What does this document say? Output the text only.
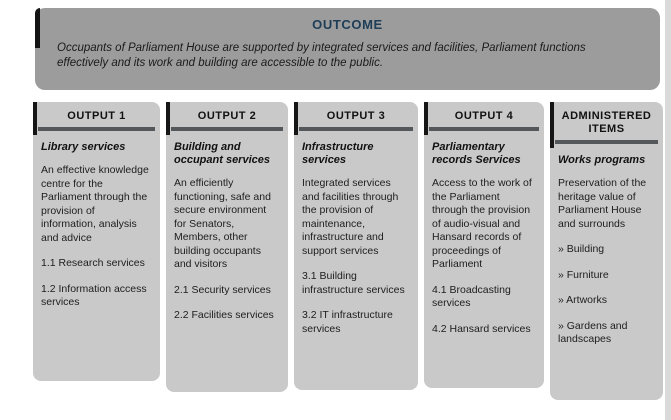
OUTCOME
Occupants of Parliament House are supported by integrated services and facilities, Parliament functions effectively and its work and building are accessible to the public.
OUTPUT 1
Library services
An effective knowledge centre for the Parliament through the provision of information, analysis and advice
1.1 Research services
1.2 Information access services
OUTPUT 2
Building and occupant services
An efficiently functioning, safe and secure environment for Senators, Members, other building occupants and visitors
2.1 Security services
2.2 Facilities services
OUTPUT 3
Infrastructure services
Integrated services and facilities through the provision of maintenance, infrastructure and support services
3.1 Building infrastructure services
3.2 IT infrastructure services
OUTPUT 4
Parliamentary records Services
Access to the work of the Parliament through the provision of audio-visual and Hansard records of proceedings of Parliament
4.1 Broadcasting services
4.2 Hansard services
ADMINISTERED ITEMS
Works programs
Preservation of the heritage value of Parliament House and surrounds
» Building
» Furniture
» Artworks
» Gardens and landscapes
